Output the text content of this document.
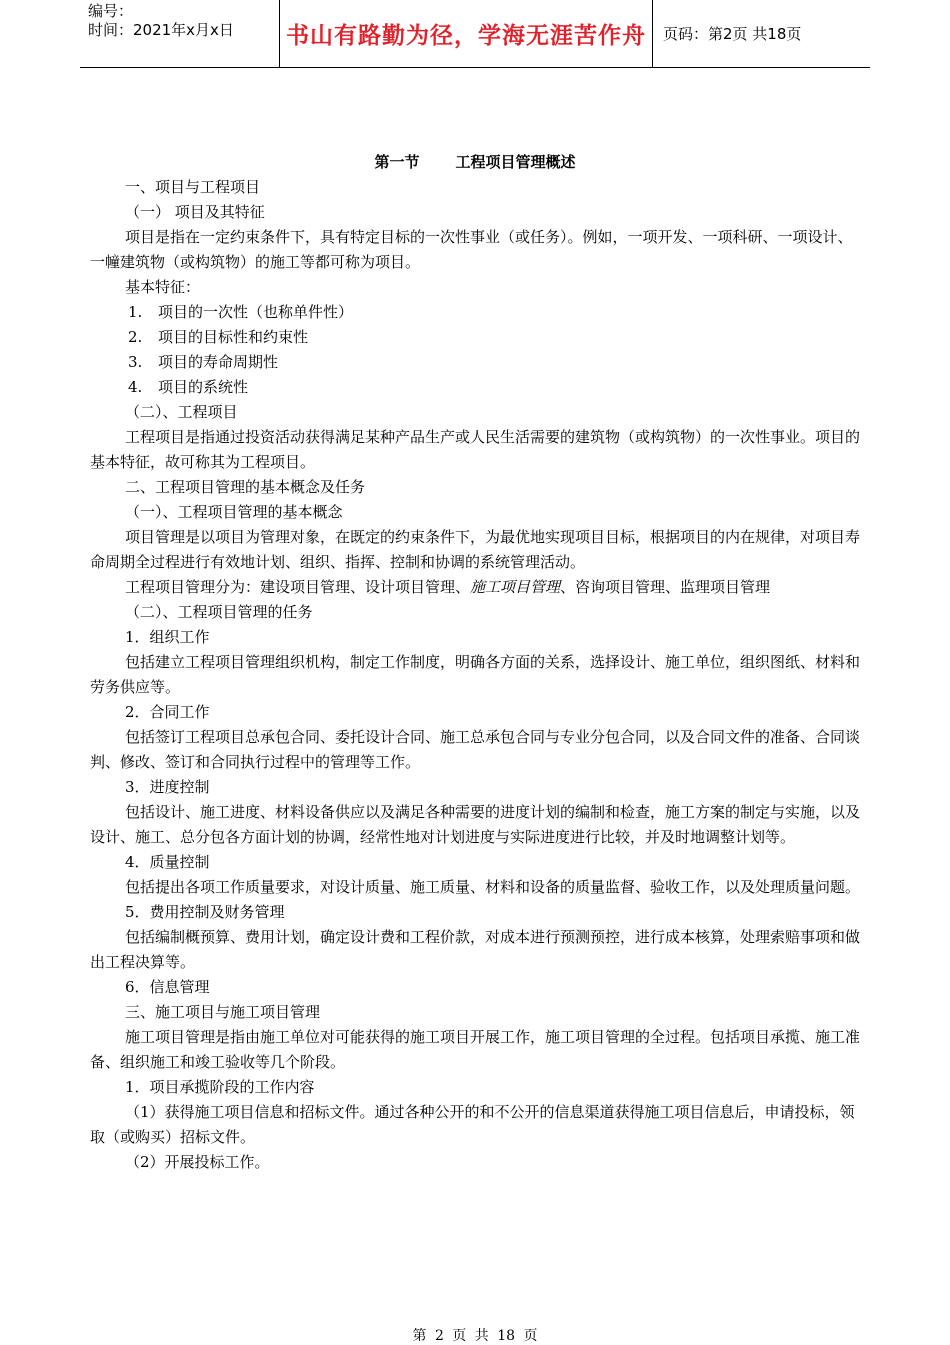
编号：
时间：2021年x月x日	书山有路勤为径，学海无涯苦作舟	页码：第2页 共18页
第一节 工程项目管理概述

一、项目与工程项目

（一） 项目及其特征

项目是指在一定约束条件下，具有特定目标的一次性事业（或任务）。例如，一项开发、一项科研、一项设计、一幢建筑物（或构筑物）的施工等都可称为项目。

基本特征：

1. 项目的一次性（也称单件性）

2. 项目的目标性和约束性

3. 项目的寿命周期性

4. 项目的系统性

（二）、工程项目

工程项目是指通过投资活动获得满足某种产品生产或人民生活需要的建筑物（或构筑物）的一次性事业。项目的基本特征，故可称其为工程项目。

二、工程项目管理的基本概念及任务

（一）、工程项目管理的基本概念

项目管理是以项目为管理对象，在既定的约束条件下，为最优地实现项目目标，根据项目的内在规律，对项目寿命周期全过程进行有效地计划、组织、指挥、控制和协调的系统管理活动。

工程项目管理分为：建设项目管理、设计项目管理、施工项目管理、咨询项目管理、监理项目管理

（二）、工程项目管理的任务

1．组织工作

包括建立工程项目管理组织机构，制定工作制度，明确各方面的关系，选择设计、施工单位，组织图纸、材料和劳务供应等。

2．合同工作

包括签订工程项目总承包合同、委托设计合同、施工总承包合同与专业分包合同，以及合同文件的准备、合同谈判、修改、签订和合同执行过程中的管理等工作。

3．进度控制

包括设计、施工进度、材料设备供应以及满足各种需要的进度计划的编制和检查，施工方案的制定与实施，以及设计、施工、总分包各方面计划的协调，经常性地对计划进度与实际进度进行比较，并及时地调整计划等。

4．质量控制

包括提出各项工作质量要求，对设计质量、施工质量、材料和设备的质量监督、验收工作，以及处理质量问题。

5．费用控制及财务管理

包括编制概预算、费用计划，确定设计费和工程价款，对成本进行预测预控，进行成本核算，处理索赔事项和做出工程决算等。

6．信息管理

三、施工项目与施工项目管理

施工项目管理是指由施工单位对可能获得的施工项目开展工作，施工项目管理的全过程。包括项目承揽、施工准备、组织施工和竣工验收等几个阶段。

1．项目承揽阶段的工作内容

（1）获得施工项目信息和招标文件。通过各种公开的和不公开的信息渠道获得施工项目信息后，申请投标，领取（或购买）招标文件。

（2）开展投标工作。

第 2 页 共 18 页
